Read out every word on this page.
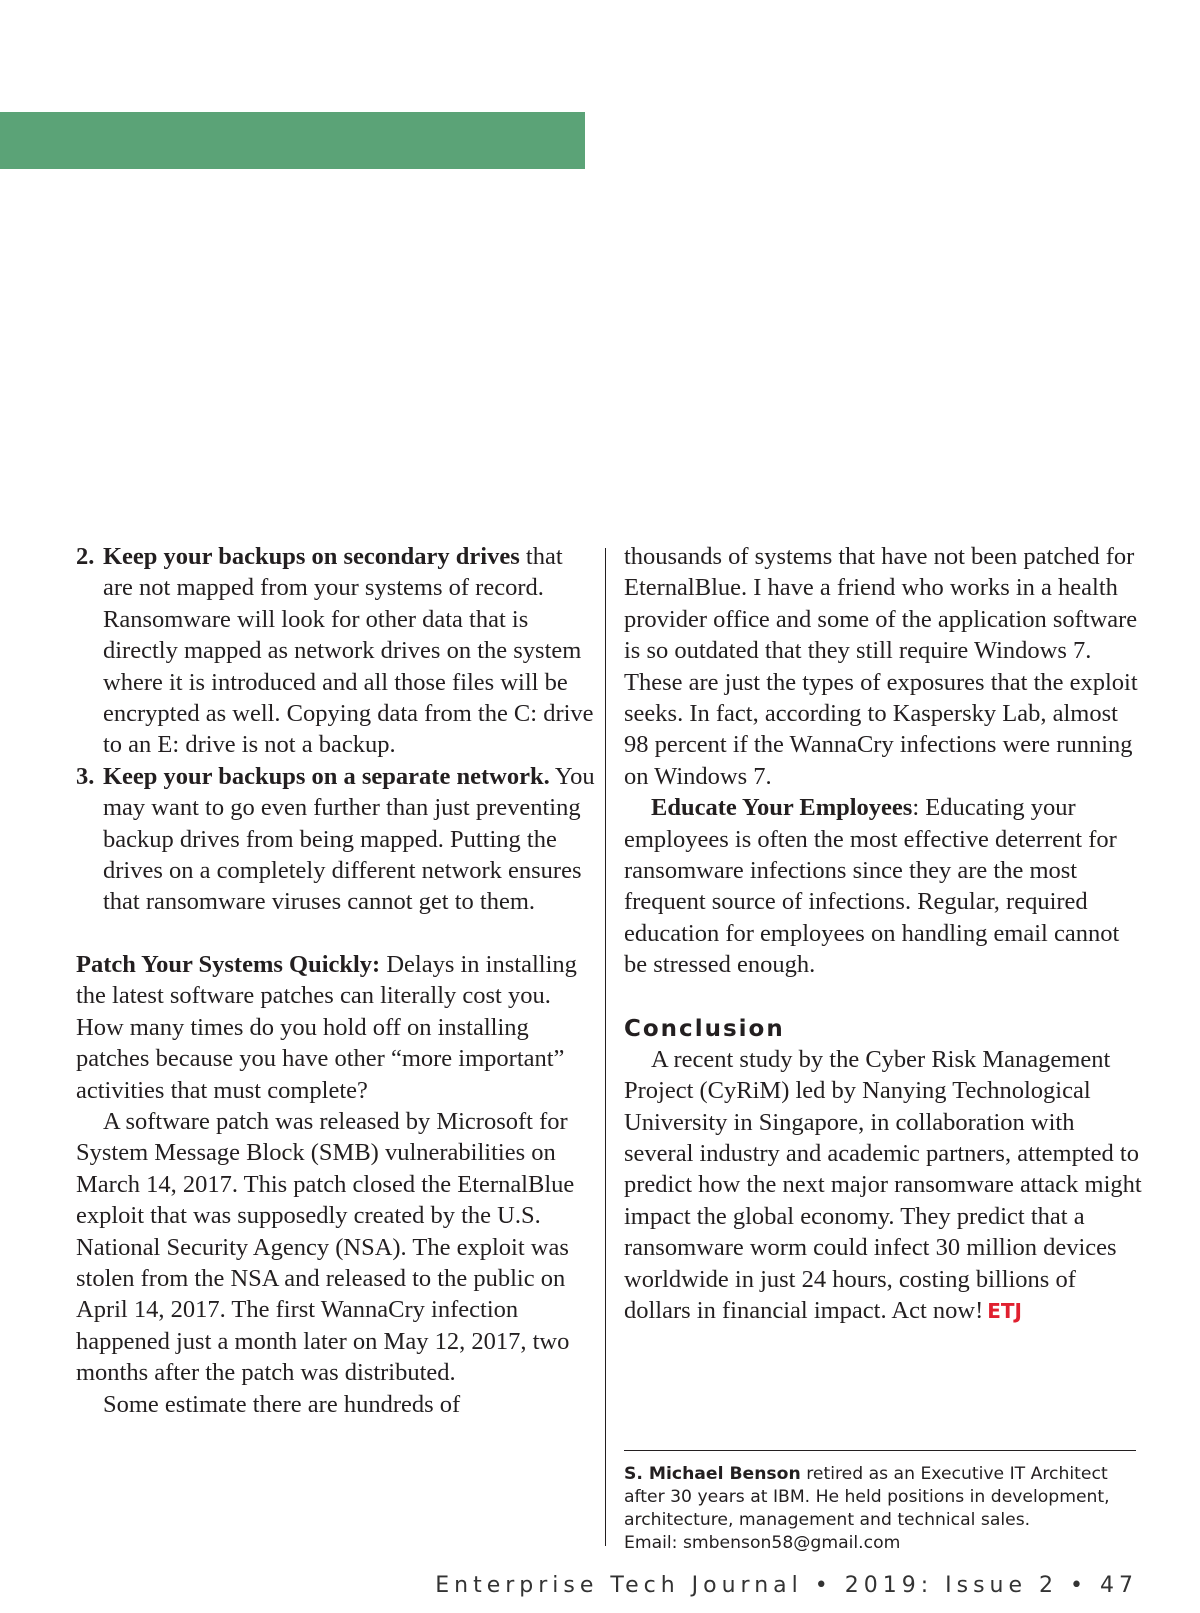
2. Keep your backups on secondary drives that are not mapped from your systems of record. Ransomware will look for other data that is directly mapped as network drives on the system where it is introduced and all those files will be encrypted as well. Copying data from the C: drive to an E: drive is not a backup.
3. Keep your backups on a separate network. You may want to go even further than just preventing backup drives from being mapped. Putting the drives on a completely different network ensures that ransomware viruses cannot get to them.

Patch Your Systems Quickly: Delays in installing the latest software patches can literally cost you. How many times do you hold off on installing patches because you have other “more important” activities that must complete?

A software patch was released by Microsoft for System Message Block (SMB) vulnerabilities on March 14, 2017. This patch closed the EternalBlue exploit that was supposedly created by the U.S. National Security Agency (NSA). The exploit was stolen from the NSA and released to the public on April 14, 2017. The first WannaCry infection happened just a month later on May 12, 2017, two months after the patch was distributed.

Some estimate there are hundreds of

thousands of systems that have not been patched for EternalBlue. I have a friend who works in a health provider office and some of the application software is so outdated that they still require Windows 7. These are just the types of exposures that the exploit seeks. In fact, according to Kaspersky Lab, almost 98 percent if the WannaCry infections were running on Windows 7.

Educate Your Employees: Educating your employees is often the most effective deterrent for ransomware infections since they are the most frequent source of infections. Regular, required education for employees on handling email cannot be stressed enough.

Conclusion

A recent study by the Cyber Risk Management Project (CyRiM) led by Nanying Technological University in Singapore, in collaboration with several industry and academic partners, attempted to predict how the next major ransomware attack might impact the global economy. They predict that a ransomware worm could infect 30 million devices worldwide in just 24 hours, costing billions of dollars in financial impact. Act now! ETJ

S. Michael Benson retired as an Executive IT Architect after 30 years at IBM. He held positions in development, architecture, management and technical sales.
Email: smbenson58@gmail.com
Enterprise Tech Journal • 2019: Issue 2 • 47
